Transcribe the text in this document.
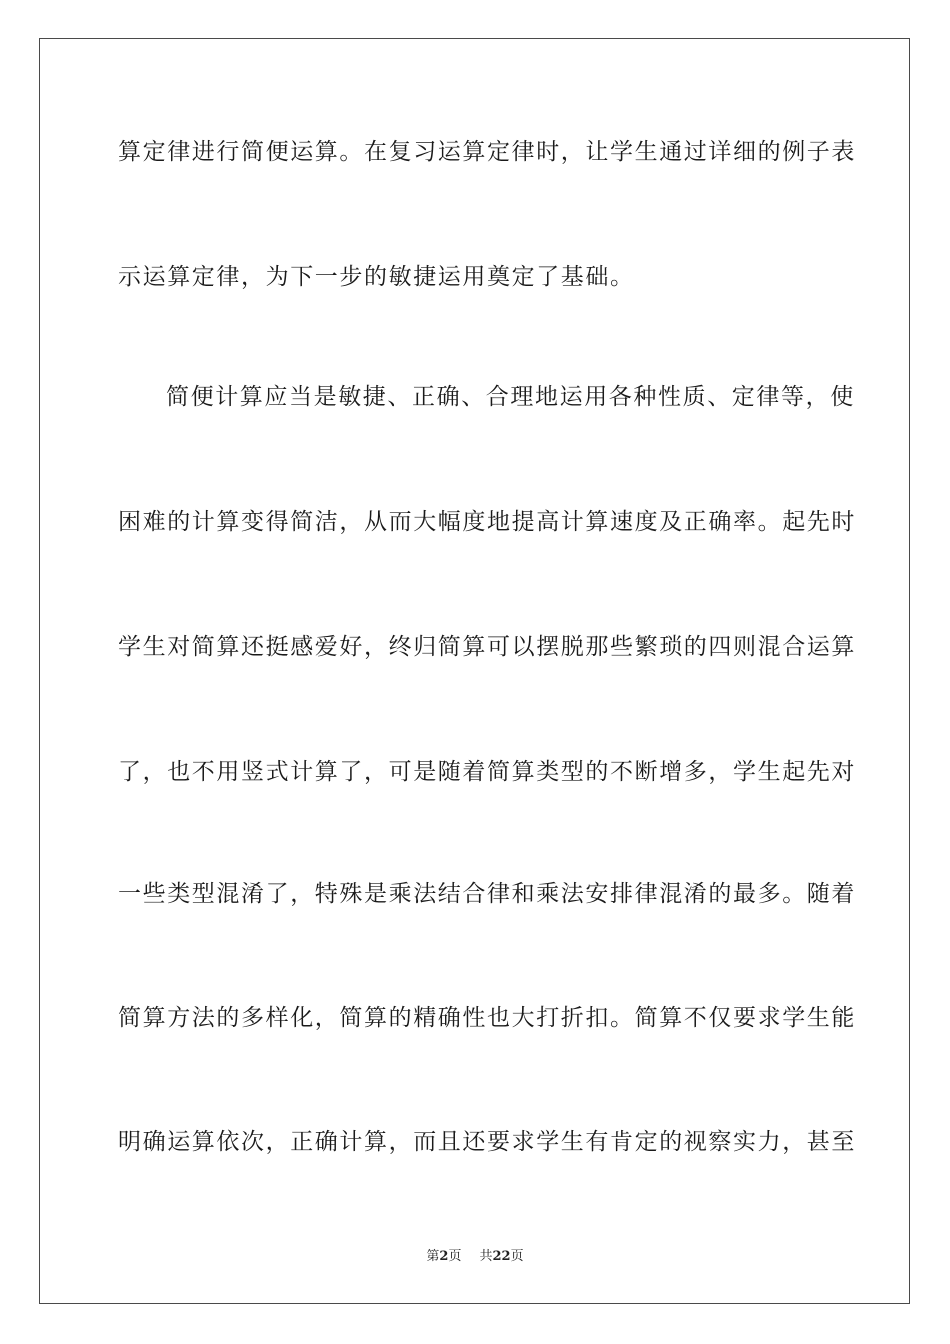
算定律进行简便运算。在复习运算定律时，让学生通过详细的例子表
示运算定律，为下一步的敏捷运用奠定了基础。
简便计算应当是敏捷、正确、合理地运用各种性质、定律等，使
困难的计算变得简洁，从而大幅度地提高计算速度及正确率。起先时
学生对简算还挺感爱好，终归简算可以摆脱那些繁琐的四则混合运算
了，也不用竖式计算了，可是随着简算类型的不断增多，学生起先对
一些类型混淆了，特殊是乘法结合律和乘法安排律混淆的最多。随着
简算方法的多样化，简算的精确性也大打折扣。简算不仅要求学生能
明确运算依次，正确计算，而且还要求学生有肯定的视察实力，甚至
第2页 共22页
